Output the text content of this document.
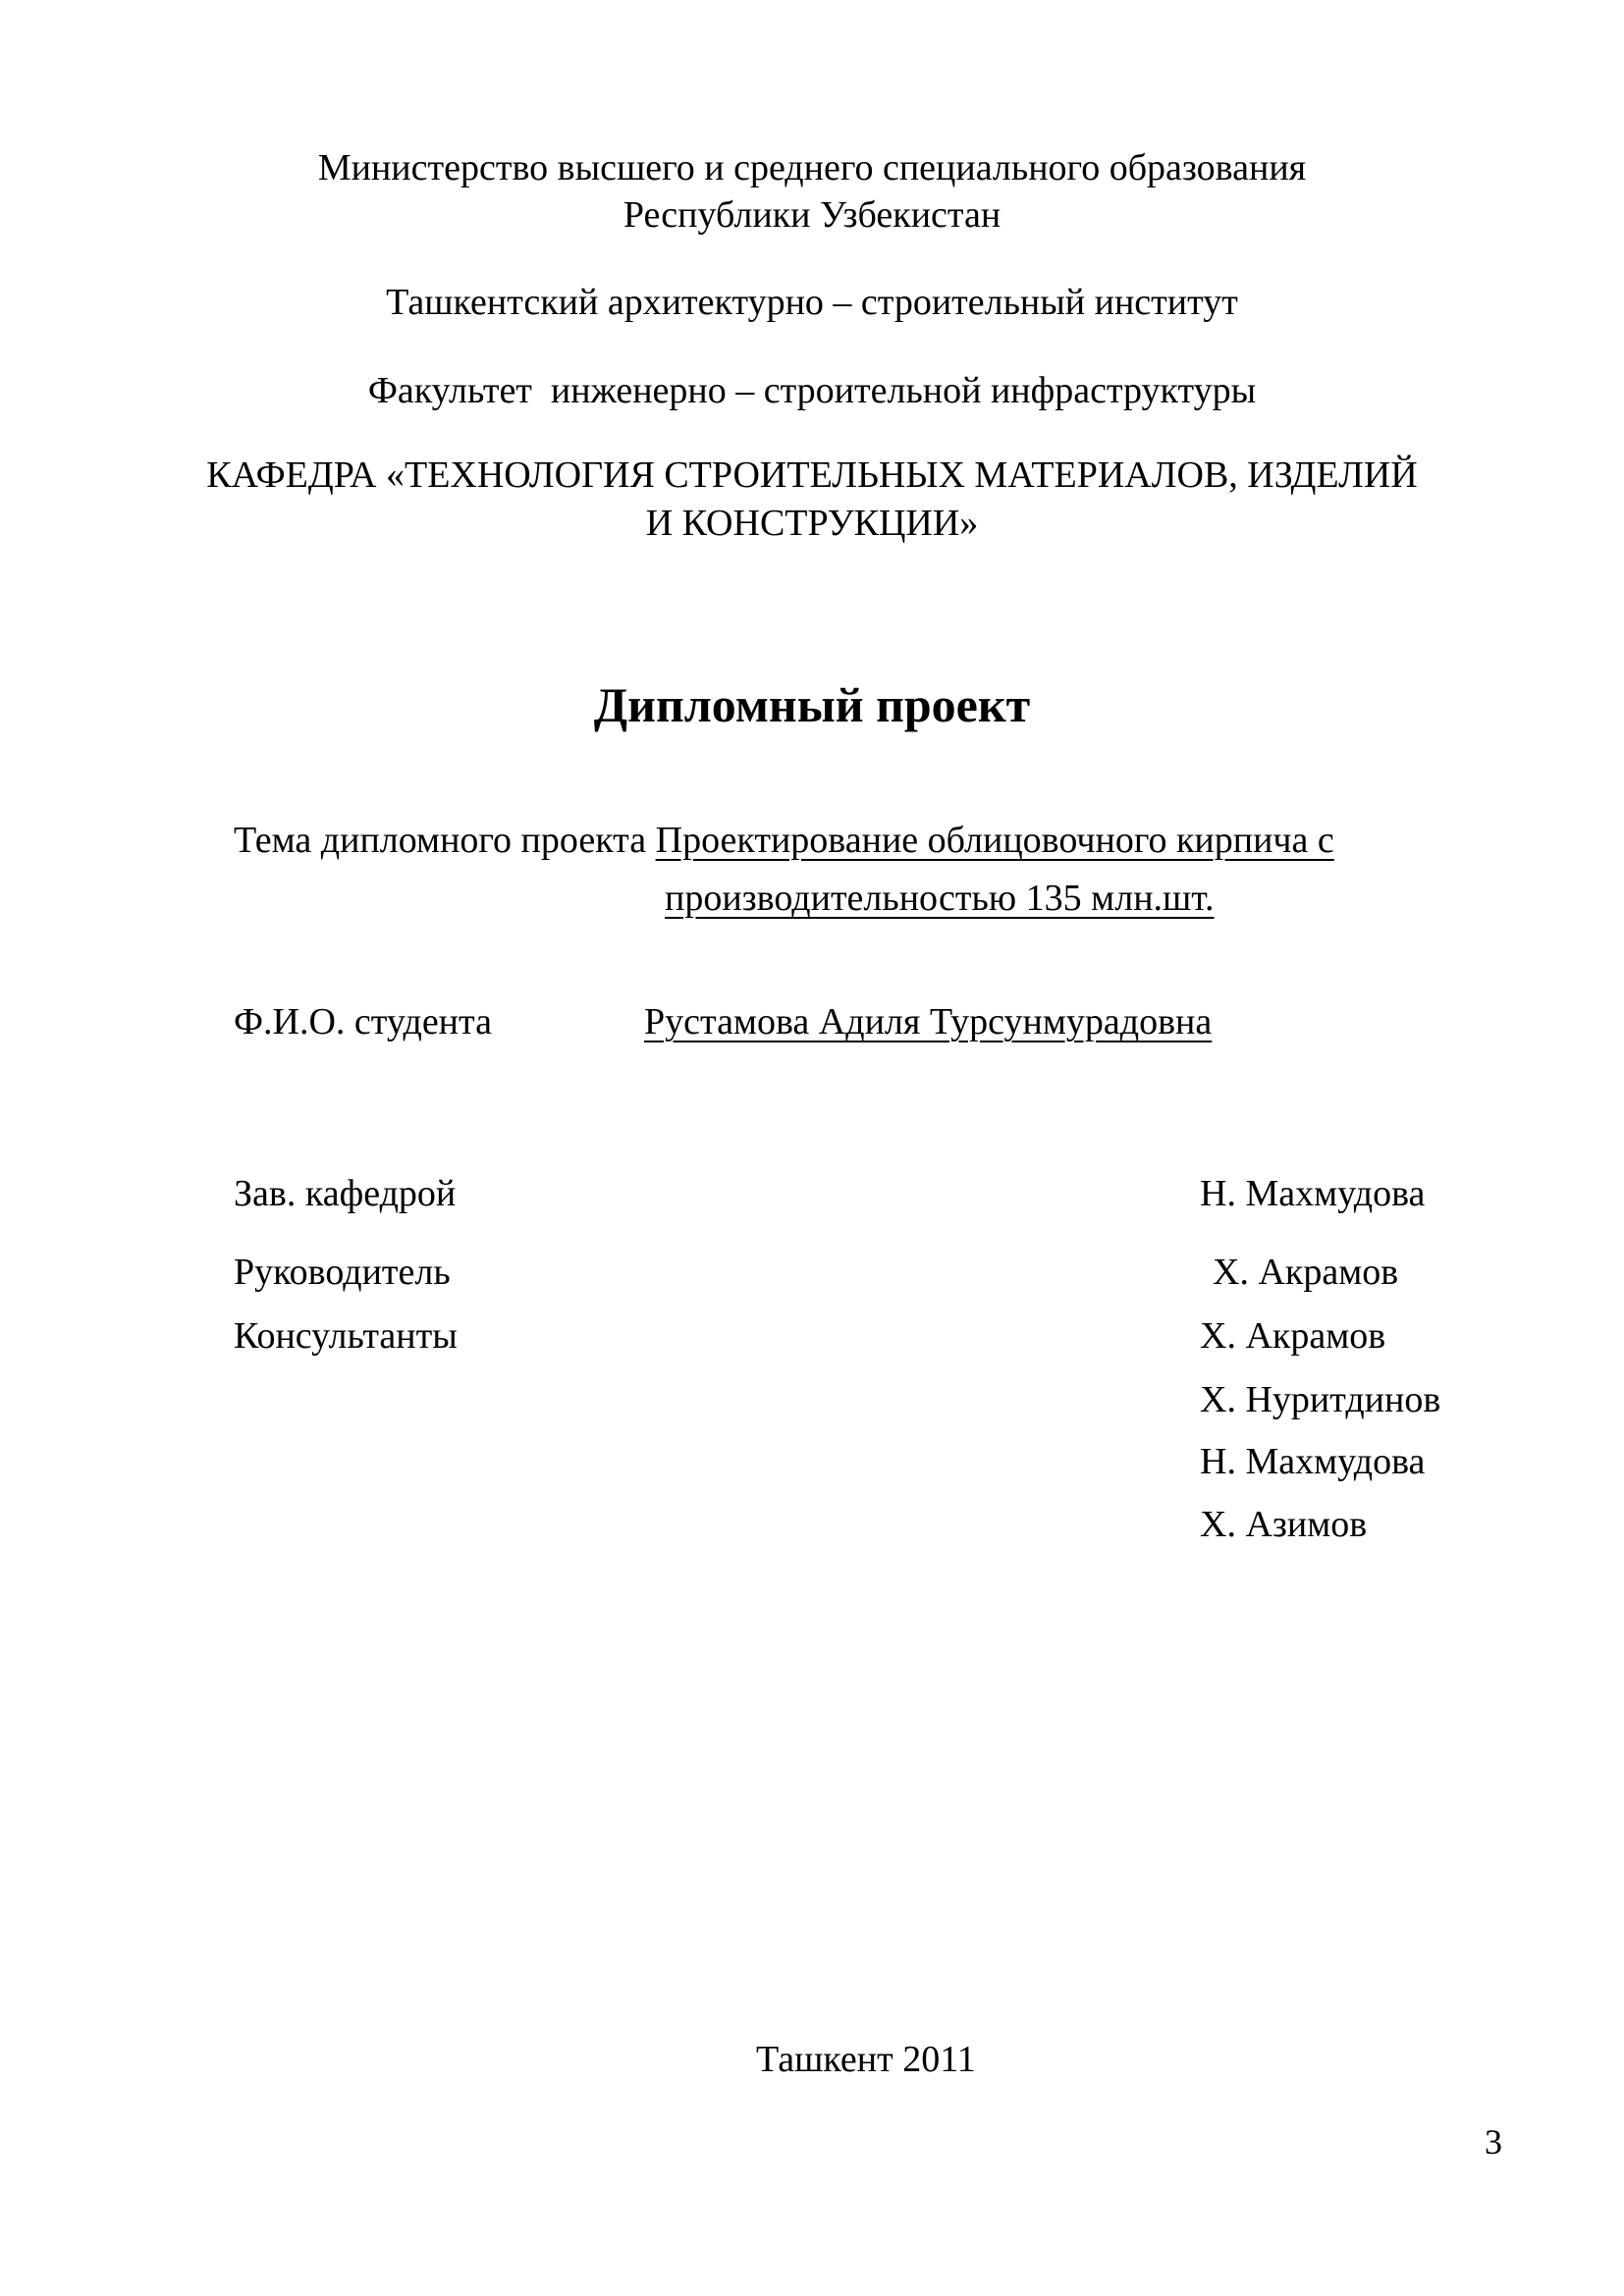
Министерство высшего и среднего специального образования
Республики Узбекистан
Ташкентский архитектурно – строительный институт
Факультет  инженерно – строительной инфраструктуры
КАФЕДРА «ТЕХНОЛОГИЯ СТРОИТЕЛЬНЫХ МАТЕРИАЛОВ, ИЗДЕЛИЙ
И КОНСТРУКЦИИ»
Дипломный проект
Тема дипломного проекта Проектирование облицовочного кирпича с
производительностью 135 млн.шт.
Ф.И.О. студента	Рустамова Адиля Турсунмурадовна
Зав. кафедрой	Н. Махмудова
Руководитель	Х. Акрамов
Консультанты	Х. Акрамов
Х. Нуритдинов
Н. Махмудова
Х. Азимов
Ташкент 2011
3
